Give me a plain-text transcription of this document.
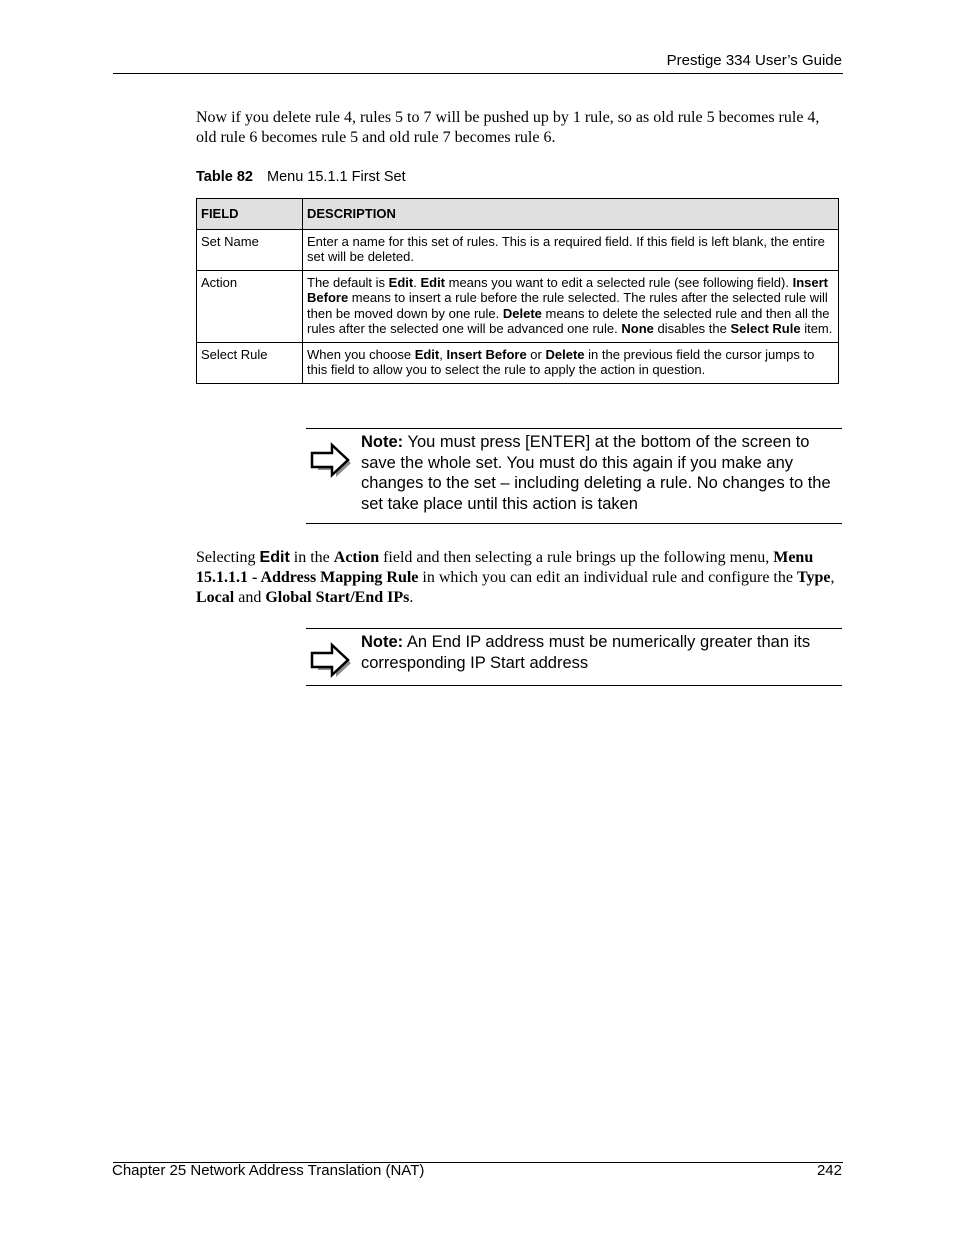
Prestige 334 User’s Guide
Now if you delete rule 4, rules 5 to 7 will be pushed up by 1 rule, so as old rule 5 becomes rule 4, old rule 6 becomes rule 5 and old rule 7 becomes rule 6.
Table 82 Menu 15.1.1 First Set
FIELD	DESCRIPTION
Set Name	Enter a name for this set of rules. This is a required field. If this field is left blank, the entire set will be deleted.
Action	The default is Edit. Edit means you want to edit a selected rule (see following field). Insert Before means to insert a rule before the rule selected. The rules after the selected rule will then be moved down by one rule. Delete means to delete the selected rule and then all the rules after the selected one will be advanced one rule. None disables the Select Rule item.
Select Rule	When you choose Edit, Insert Before or Delete in the previous field the cursor jumps to this field to allow you to select the rule to apply the action in question.
Note: You must press [ENTER] at the bottom of the screen to save the whole set. You must do this again if you make any changes to the set – including deleting a rule. No changes to the set take place until this action is taken
Selecting Edit in the Action field and then selecting a rule brings up the following menu, Menu 15.1.1.1 - Address Mapping Rule in which you can edit an individual rule and configure the Type, Local and Global Start/End IPs.
Note: An End IP address must be numerically greater than its corresponding IP Start address
Chapter 25 Network Address Translation (NAT)	242
